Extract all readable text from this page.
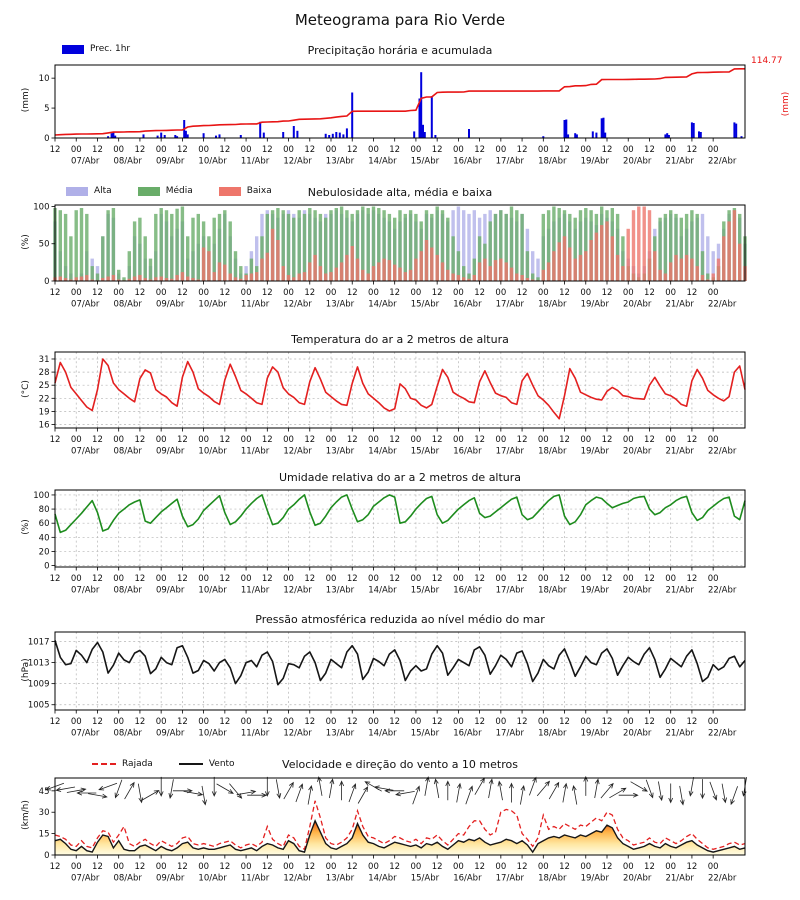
Meteograma para Rio Verde
Precipitação horária e acumulada
Prec. 1hr
(mm)	(mm)
114.77
0
5
10
12 00 12 00 12 00 12 00 12 00 12 00 12 00 12 00 12 00 12 00 12 00 12 00 12 00 12 00 12 00 12 00
07/Abr 08/Abr 09/Abr 10/Abr 11/Abr 12/Abr 13/Abr 14/Abr 15/Abr 16/Abr 17/Abr 18/Abr 19/Abr 20/Abr 21/Abr 22/Abr
Nebulosidade alta, média e baixa
Alta	Média	Baixa
(%)
0
50
100
12 00 12 00 12 00 12 00 12 00 12 00 12 00 12 00 12 00 12 00 12 00 12 00 12 00 12 00 12 00 12 00
07/Abr 08/Abr 09/Abr 10/Abr 11/Abr 12/Abr 13/Abr 14/Abr 15/Abr 16/Abr 17/Abr 18/Abr 19/Abr 20/Abr 21/Abr 22/Abr
Temperatura do ar a 2 metros de altura
(°C)
16
19
22
25
28
31
12 00 12 00 12 00 12 00 12 00 12 00 12 00 12 00 12 00 12 00 12 00 12 00 12 00 12 00 12 00 12 00
07/Abr 08/Abr 09/Abr 10/Abr 11/Abr 12/Abr 13/Abr 14/Abr 15/Abr 16/Abr 17/Abr 18/Abr 19/Abr 20/Abr 21/Abr 22/Abr
Umidade relativa do ar a 2 metros de altura
(%)
0
20
40
60
80
100
12 00 12 00 12 00 12 00 12 00 12 00 12 00 12 00 12 00 12 00 12 00 12 00 12 00 12 00 12 00 12 00
07/Abr 08/Abr 09/Abr 10/Abr 11/Abr 12/Abr 13/Abr 14/Abr 15/Abr 16/Abr 17/Abr 18/Abr 19/Abr 20/Abr 21/Abr 22/Abr
Pressão atmosférica reduzida ao nível médio do mar
(hPa)
1005
1009
1013
1017
12 00 12 00 12 00 12 00 12 00 12 00 12 00 12 00 12 00 12 00 12 00 12 00 12 00 12 00 12 00 12 00
07/Abr 08/Abr 09/Abr 10/Abr 11/Abr 12/Abr 13/Abr 14/Abr 15/Abr 16/Abr 17/Abr 18/Abr 19/Abr 20/Abr 21/Abr 22/Abr
Velocidade e direção do vento a 10 metros
Rajada	Vento
(km/h)
0
15
30
45
12 00 12 00 12 00 12 00 12 00 12 00 12 00 12 00 12 00 12 00 12 00 12 00 12 00 12 00 12 00 12 00
07/Abr 08/Abr 09/Abr 10/Abr 11/Abr 12/Abr 13/Abr 14/Abr 15/Abr 16/Abr 17/Abr 18/Abr 19/Abr 20/Abr 21/Abr 22/Abr
